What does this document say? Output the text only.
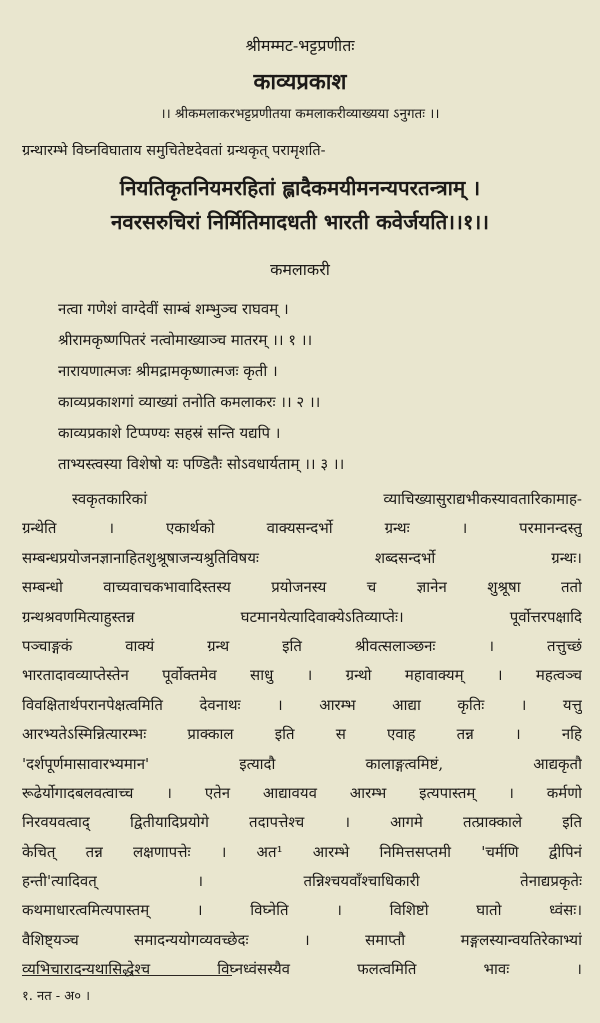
श्रीमम्मट-भट्टप्रणीतः
काव्यप्रकाश
।। श्रीकमलाकरभट्टप्रणीतया कमलाकरीव्याख्यया ऽनुगतः ।।
ग्रन्थारम्भे विघ्नविघाताय समुचितेष्टदेवतां ग्रन्थकृत् परामृशति-
नियतिकृतनियमरहितां ह्लादैकमयीमनन्यपरतन्त्राम् ।
नवरसरुचिरां निर्मितिमादधती भारती कवेर्जयति।।१।।
कमलाकरी
नत्वा गणेशं वाग्देवीं साम्बं शम्भुञ्च राघवम् ।
श्रीरामकृष्णपितरं नत्वोमाख्याञ्च मातरम् ।। १ ।।
नारायणात्मजः श्रीमद्रामकृष्णात्मजः कृती ।
काव्यप्रकाशगां व्याख्यां तनोति कमलाकरः ।। २ ।।
काव्यप्रकाशे टिप्पण्यः सहस्रं सन्ति यद्यपि ।
ताभ्यस्त्वस्या विशेषो यः पण्डितैः सोऽवधार्यताम् ।। ३ ।।
स्वकृतकारिकां व्याचिख्यासुराद्यभीकस्यावतारिकामाह-
ग्रन्थेति । एकार्थको वाक्यसन्दर्भो ग्रन्थः । परमानन्दस्तु
सम्बन्धप्रयोजनज्ञानाहितशुश्रूषाजन्यश्रुतिविषयः शब्दसन्दर्भो ग्रन्थः।
सम्बन्धो वाच्यवाचकभावादिस्तस्य प्रयोजनस्य च ज्ञानेन शुश्रूषा ततो
ग्रन्थश्रवणमित्याहुस्तन्न घटमानयेत्यादिवाक्येऽतिव्याप्तेः। पूर्वोत्तरपक्षादि
पञ्चाङ्गकं वाक्यं ग्रन्थ इति श्रीवत्सलाञ्छनः । तत्तुच्छं
भारतादावव्याप्तेस्तेन पूर्वोक्तमेव साधु । ग्रन्थो महावाक्यम् । महत्वञ्च
विवक्षितार्थपरानपेक्षत्वमिति देवनाथः । आरम्भ आद्या कृतिः । यत्तु
आरभ्यतेऽस्मिन्नित्यारम्भः प्राक्काल इति स एवाह तन्न । नहि
'दर्शपूर्णमासावारभ्यमान' इत्यादौ कालाङ्गत्वमिष्टं, आद्यकृतौ
रूढेर्योगादबलवत्वाच्च । एतेन आद्यावयव आरम्भ इत्यपास्तम् । कर्मणो
निरवयवत्वाद् द्वितीयादिप्रयोगे तदापत्तेश्च । आगमे तत्प्राक्काले इति
केचित् तन्न लक्षणापत्तेः । अत¹ आरम्भे निमित्तसप्तमी 'चर्मणि द्वीपिनं
हन्ती'त्यादिवत् । तन्निश्चयवाँश्चाधिकारी तेनाद्यप्रकृतेः
कथमाधारत्वमित्यपास्तम् । विघ्नेति । विशिष्टो घातो ध्वंसः।
वैशिष्ट्यञ्च समादन्ययोगव्यवच्छेदः । समाप्तौ मङ्गलस्यान्वयतिरेकाभ्यां
व्यभिचारादन्यथासिद्धेश्च विघ्नध्वंसस्यैव फलत्वमिति भावः ।
१. नत - अ० ।
